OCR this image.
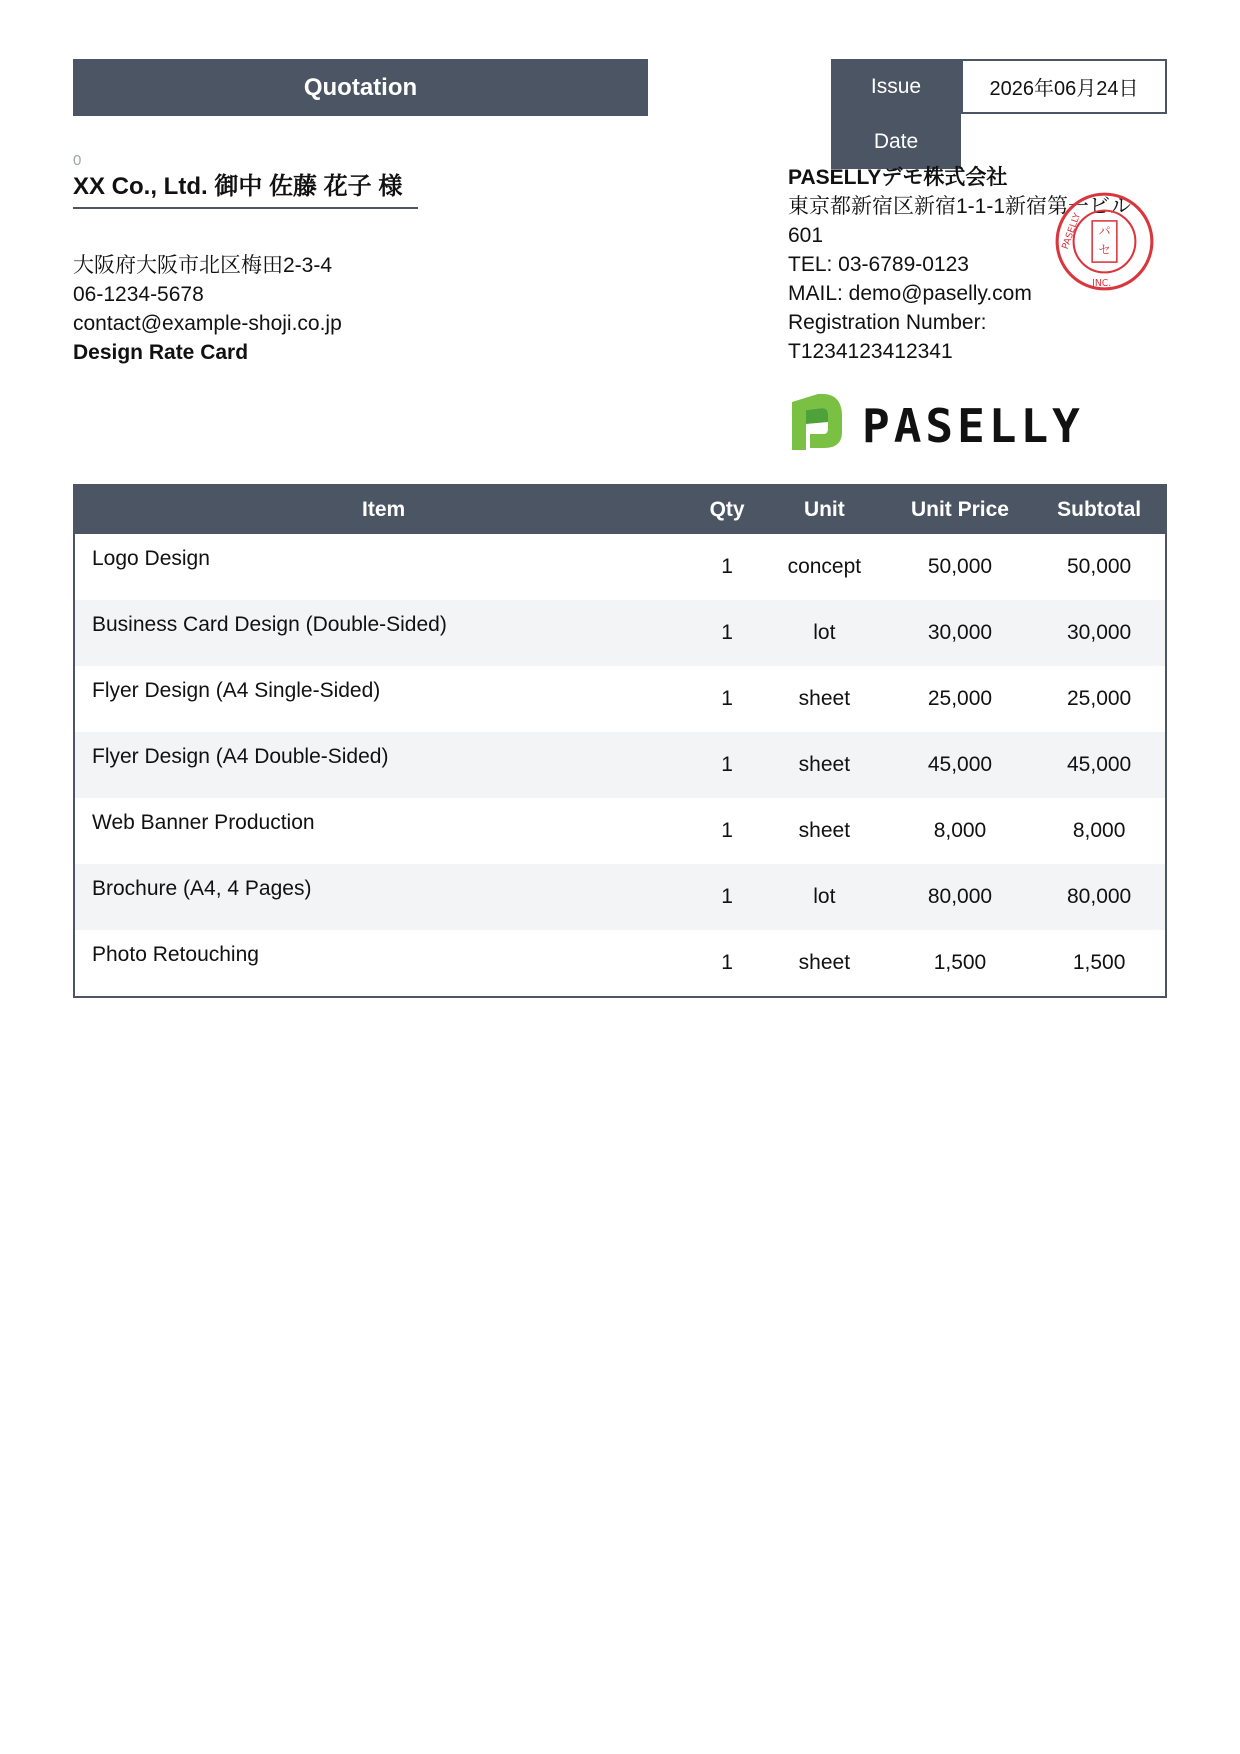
Quotation	Issue
Date
2026年06月24日
0
XX Co., Ltd. 御中 佐藤 花子 様
大阪府大阪市北区梅田2-3-4
06-1234-5678
contact@example-shoji.co.jp
Design Rate Card
PASELLYデモ株式会社
東京都新宿区新宿1-1-1新宿第一ビル
601
TEL: 03-6789-0123
MAIL: demo@paselly.com
Registration Number:
T1234123412341
パ
セ
PASELLY
INC.
PASELLY
Item	Qty	Unit	Unit Price	Subtotal
Logo Design	1	concept	50,000	50,000
Business Card Design (Double-Sided)	1	lot	30,000	30,000
Flyer Design (A4 Single-Sided)	1	sheet	25,000	25,000
Flyer Design (A4 Double-Sided)	1	sheet	45,000	45,000
Web Banner Production	1	sheet	8,000	8,000
Brochure (A4, 4 Pages)	1	lot	80,000	80,000
Photo Retouching	1	sheet	1,500	1,500
